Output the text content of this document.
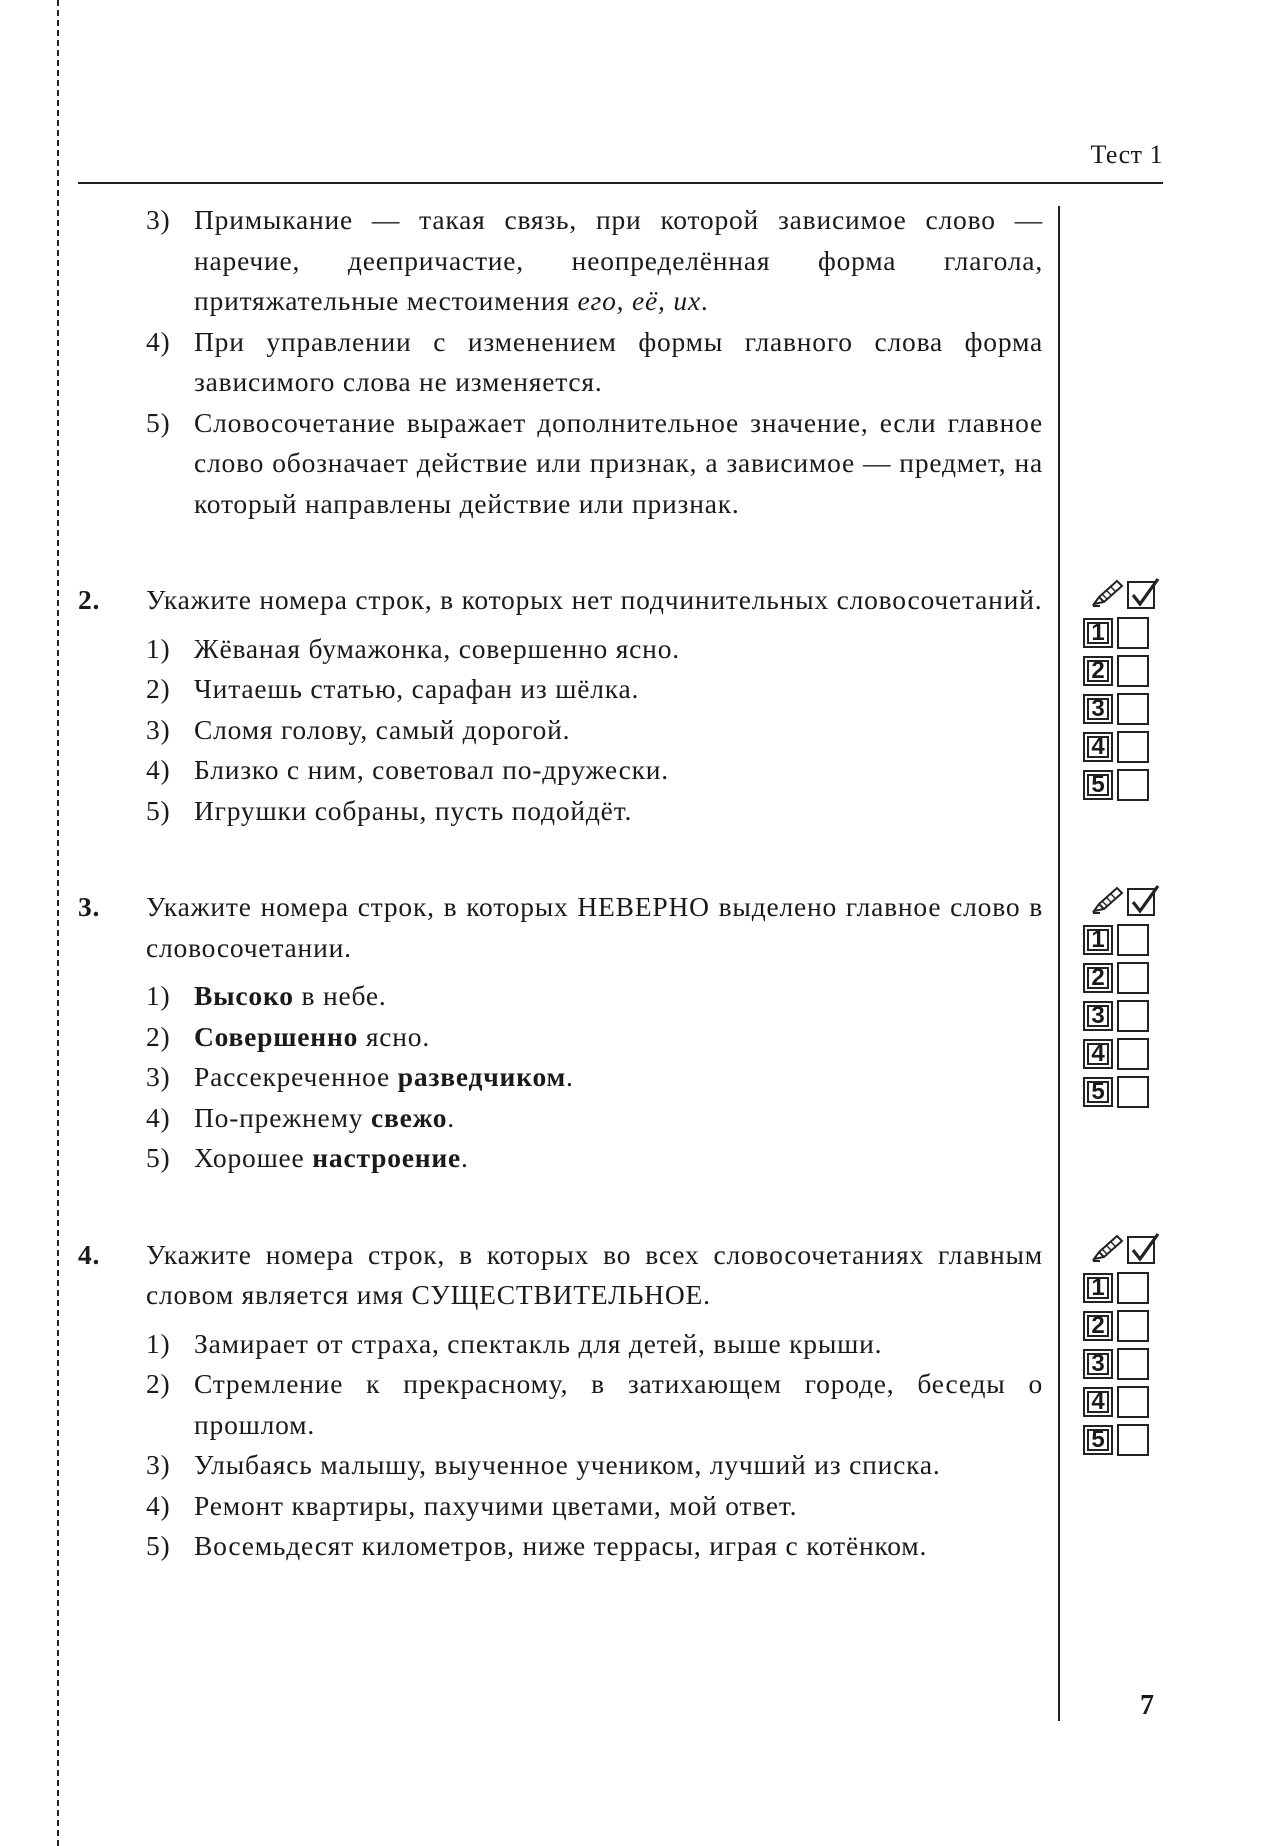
Тест 1
3) Примыкание — такая связь, при которой зависимое слово — наречие, деепричастие, неопределённая форма глагола, притяжательные местоимения его, её, их.
4) При управлении с изменением формы главного слова форма зависимого слова не изменяется.
5) Словосочетание выражает дополнительное значение, если главное слово обозначает действие или признак, а зависимое — предмет, на который направлены действие или признак.
2.	Укажите номера строк, в которых нет подчинительных словосочетаний.
1) Жёваная бумажонка, совершенно ясно.
2) Читаешь статью, сарафан из шёлка.
3) Сломя голову, самый дорогой.
4) Близко с ним, советовал по-дружески.
5) Игрушки собраны, пусть подойдёт.
3.	Укажите номера строк, в которых НЕВЕРНО выделено главное слово в словосочетании.
1) Высоко в небе.
2) Совершенно ясно.
3) Рассекреченное разведчиком.
4) По-прежнему свежо.
5) Хорошее настроение.
4.	Укажите номера строк, в которых во всех словосочетаниях главным словом является имя СУЩЕСТВИТЕЛЬНОЕ.
1) Замирает от страха, спектакль для детей, выше крыши.
2) Стремление к прекрасному, в затихающем городе, беседы о прошлом.
3) Улыбаясь малышу, выученное учеником, лучший из списка.
4) Ремонт квартиры, пахучими цветами, мой ответ.
5) Восемьдесят километров, ниже террасы, играя с котёнком.
1
2
3
4
5
1
2
3
4
5
1
2
3
4
5
7
